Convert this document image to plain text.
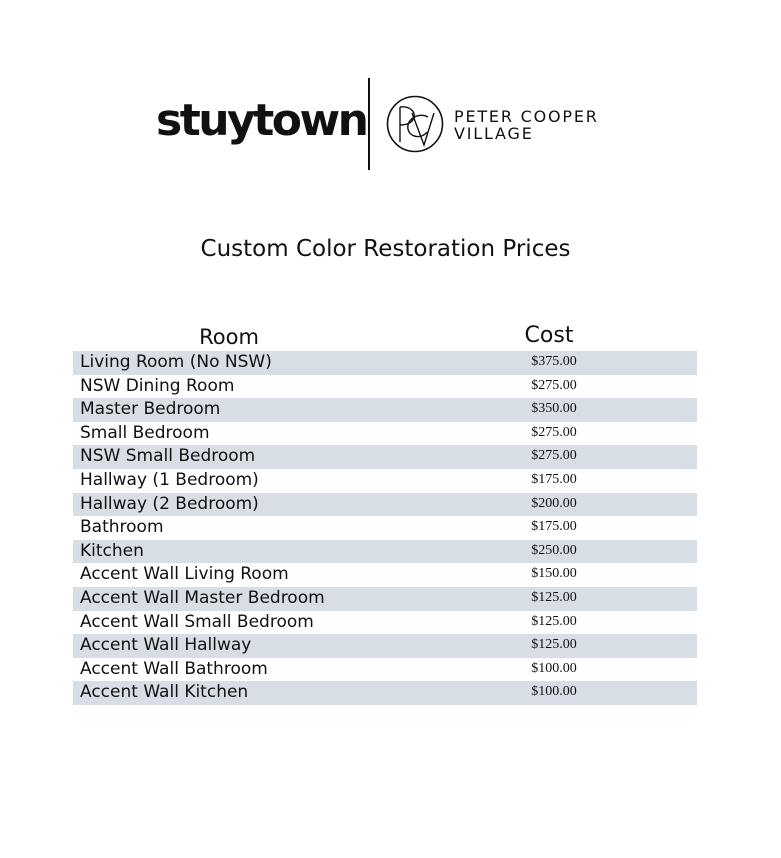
stuytown	PETER COOPER
VILLAGE
Custom Color Restoration Prices
Room	Cost
Living Room (No NSW)	$375.00
NSW Dining Room	$275.00
Master Bedroom	$350.00
Small Bedroom	$275.00
NSW Small Bedroom	$275.00
Hallway (1 Bedroom)	$175.00
Hallway (2 Bedroom)	$200.00
Bathroom	$175.00
Kitchen	$250.00
Accent Wall Living Room	$150.00
Accent Wall Master Bedroom	$125.00
Accent Wall Small Bedroom	$125.00
Accent Wall Hallway	$125.00
Accent Wall Bathroom	$100.00
Accent Wall Kitchen	$100.00
